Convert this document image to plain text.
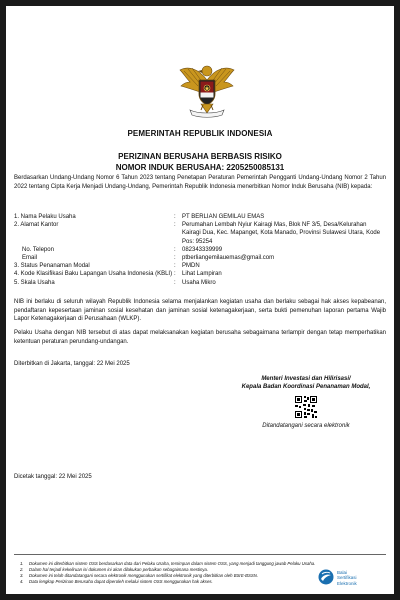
PEMERINTAH REPUBLIK INDONESIA
PERIZINAN BERUSAHA BERBASIS RISIKO
NOMOR INDUK BERUSAHA: 2205250085131
Berdasarkan Undang-Undang Nomor 6 Tahun 2023 tentang Penetapan Peraturan Pemerintah Pengganti Undang-Undang Nomor 2 Tahun 2022 tentang Cipta Kerja Menjadi Undang-Undang, Pemerintah Republik Indonesia menerbitkan Nomor Induk Berusaha (NIB) kepada:
1. Nama Pelaku Usaha	:	PT BERLIAN GEMILAU EMAS
2. Alamat Kantor	:	Perumahan Lembah Nyiur Kairagi Mas, Blok NF 3/5, Desa/Kelurahan Kairagi Dua, Kec. Mapanget, Kota Manado, Provinsi Sulawesi Utara, Kode Pos: 95254
No. Telepon	:	082343339999
Email	:	ptberliangemilauemas@gmail.com
3. Status Penanaman Modal	:	PMDN
4. Kode Klasifikasi Baku Lapangan Usaha Indonesia (KBLI) :	Lihat Lampiran
5. Skala Usaha	:	Usaha Mikro
NIB ini berlaku di seluruh wilayah Republik Indonesia selama menjalankan kegiatan usaha dan berlaku sebagai hak akses kepabeanan, pendaftaran kepesertaan jaminan sosial kesehatan dan jaminan sosial ketenagakerjaan, serta bukti pemenuhan laporan pertama Wajib Lapor Ketenagakerjaan di Perusahaan (WLKP).
Pelaku Usaha dengan NIB tersebut di atas dapat melaksanakan kegiatan berusaha sebagaimana terlampir dengan tetap memperhatikan ketentuan peraturan perundang-undangan.
Diterbitkan di Jakarta, tanggal: 22 Mei 2025
Menteri Investasi dan Hilirisasi/
Kepala Badan Koordinasi Penanaman Modal,
Ditandatangani secara elektronik
Dicetak tanggal: 22 Mei 2025
1.	Dokumen ini diterbitkan sistem OSS berdasarkan data dari Pelaku Usaha, tersimpan dalam sistem OSS, yang menjadi tanggung jawab Pelaku Usaha.
2.	Dalam hal terjadi kekeliruan isi dokumen ini akan dilakukan perbaikan sebagaimana mestinya.
3.	Dokumen ini telah ditandatangani secara elektronik menggunakan sertifikat elektronik yang diterbitkan oleh BSrE-BSSN.
4.	Data lengkap Perizinan Berusaha dapat diperoleh melalui sistem OSS menggunakan hak akses.
Balai
Sertifikasi
Elektronik
